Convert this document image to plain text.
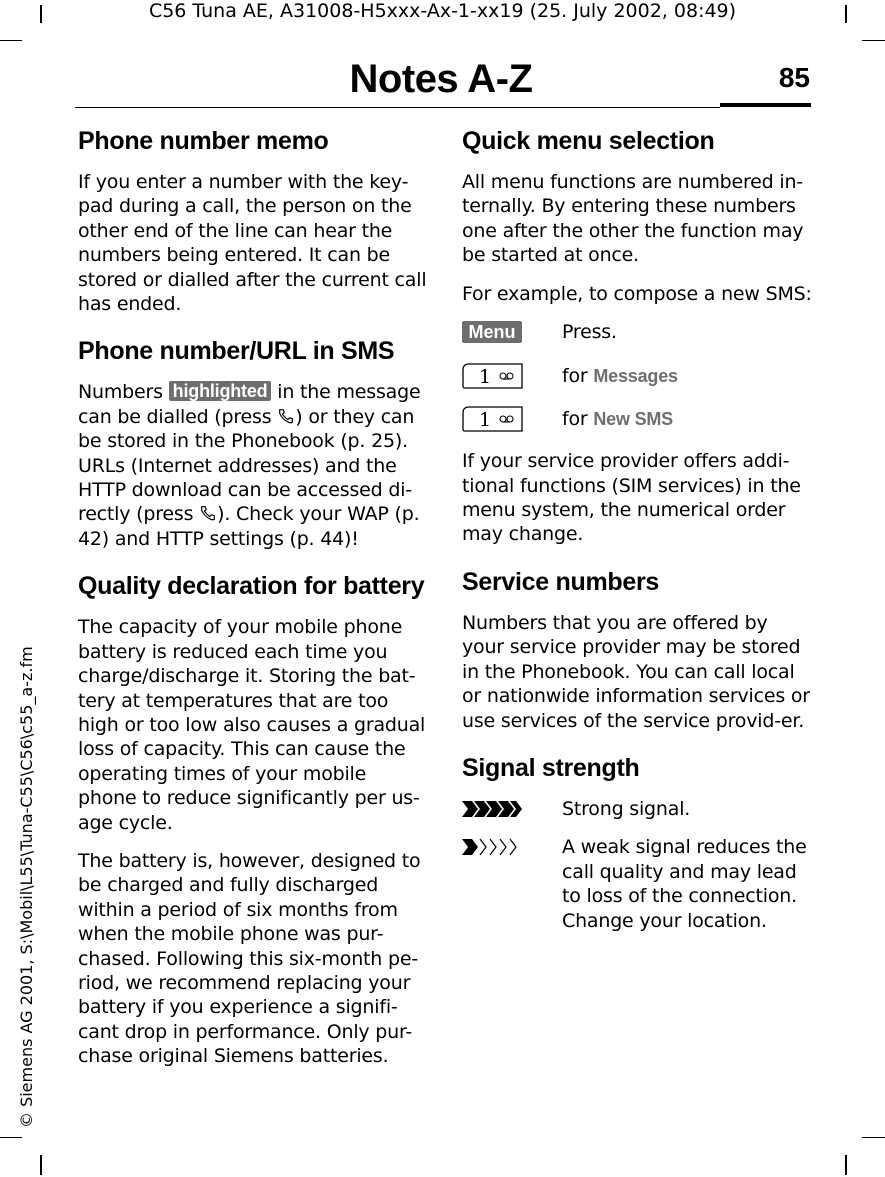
C56 Tuna AE, A31008-H5xxx-Ax-1-xx19 (25. July 2002, 08:49)
© Siemens AG 2001, S:\Mobil\L55\Tuna-C55\C56\c55_a-z.fm
Notes A-Z	85
Phone number memo

If you enter a number with the key-pad during a call, the person on the other end of the line can hear the numbers being entered. It can be stored or dialled after the current call has ended.

Phone number/URL in SMS

Numbers highlighted in the message can be dialled (press ) or they can be stored in the Phonebook (p. 25). URLs (Internet addresses) and the HTTP download can be accessed di-rectly (press ). Check your WAP (p. 42) and HTTP settings (p. 44)!

Quality declaration for battery

The capacity of your mobile phone battery is reduced each time you charge/discharge it. Storing the bat-tery at temperatures that are too high or too low also causes a gradual loss of capacity. This can cause the operating times of your mobile phone to reduce significantly per us-age cycle.

The battery is, however, designed to be charged and fully discharged within a period of six months from when the mobile phone was pur-chased. Following this six-month pe-riod, we recommend replacing your battery if you experience a signifi-cant drop in performance. Only pur-chase original Siemens batteries.

Quick menu selection

All menu functions are numbered in-ternally. By entering these numbers one after the other the function may be started at once.

For example, to compose a new SMS:

Menu	Press.
1	for Messages
1	for New SMS

If your service provider offers addi-tional functions (SIM services) in the menu system, the numerical order may change.

Service numbers

Numbers that you are offered by your service provider may be stored in the Phonebook. You can call local or nationwide information services or use services of the service provid-er.

Signal strength
Strong signal.
A weak signal reduces the call quality and may lead to loss of the connection. Change your location.
